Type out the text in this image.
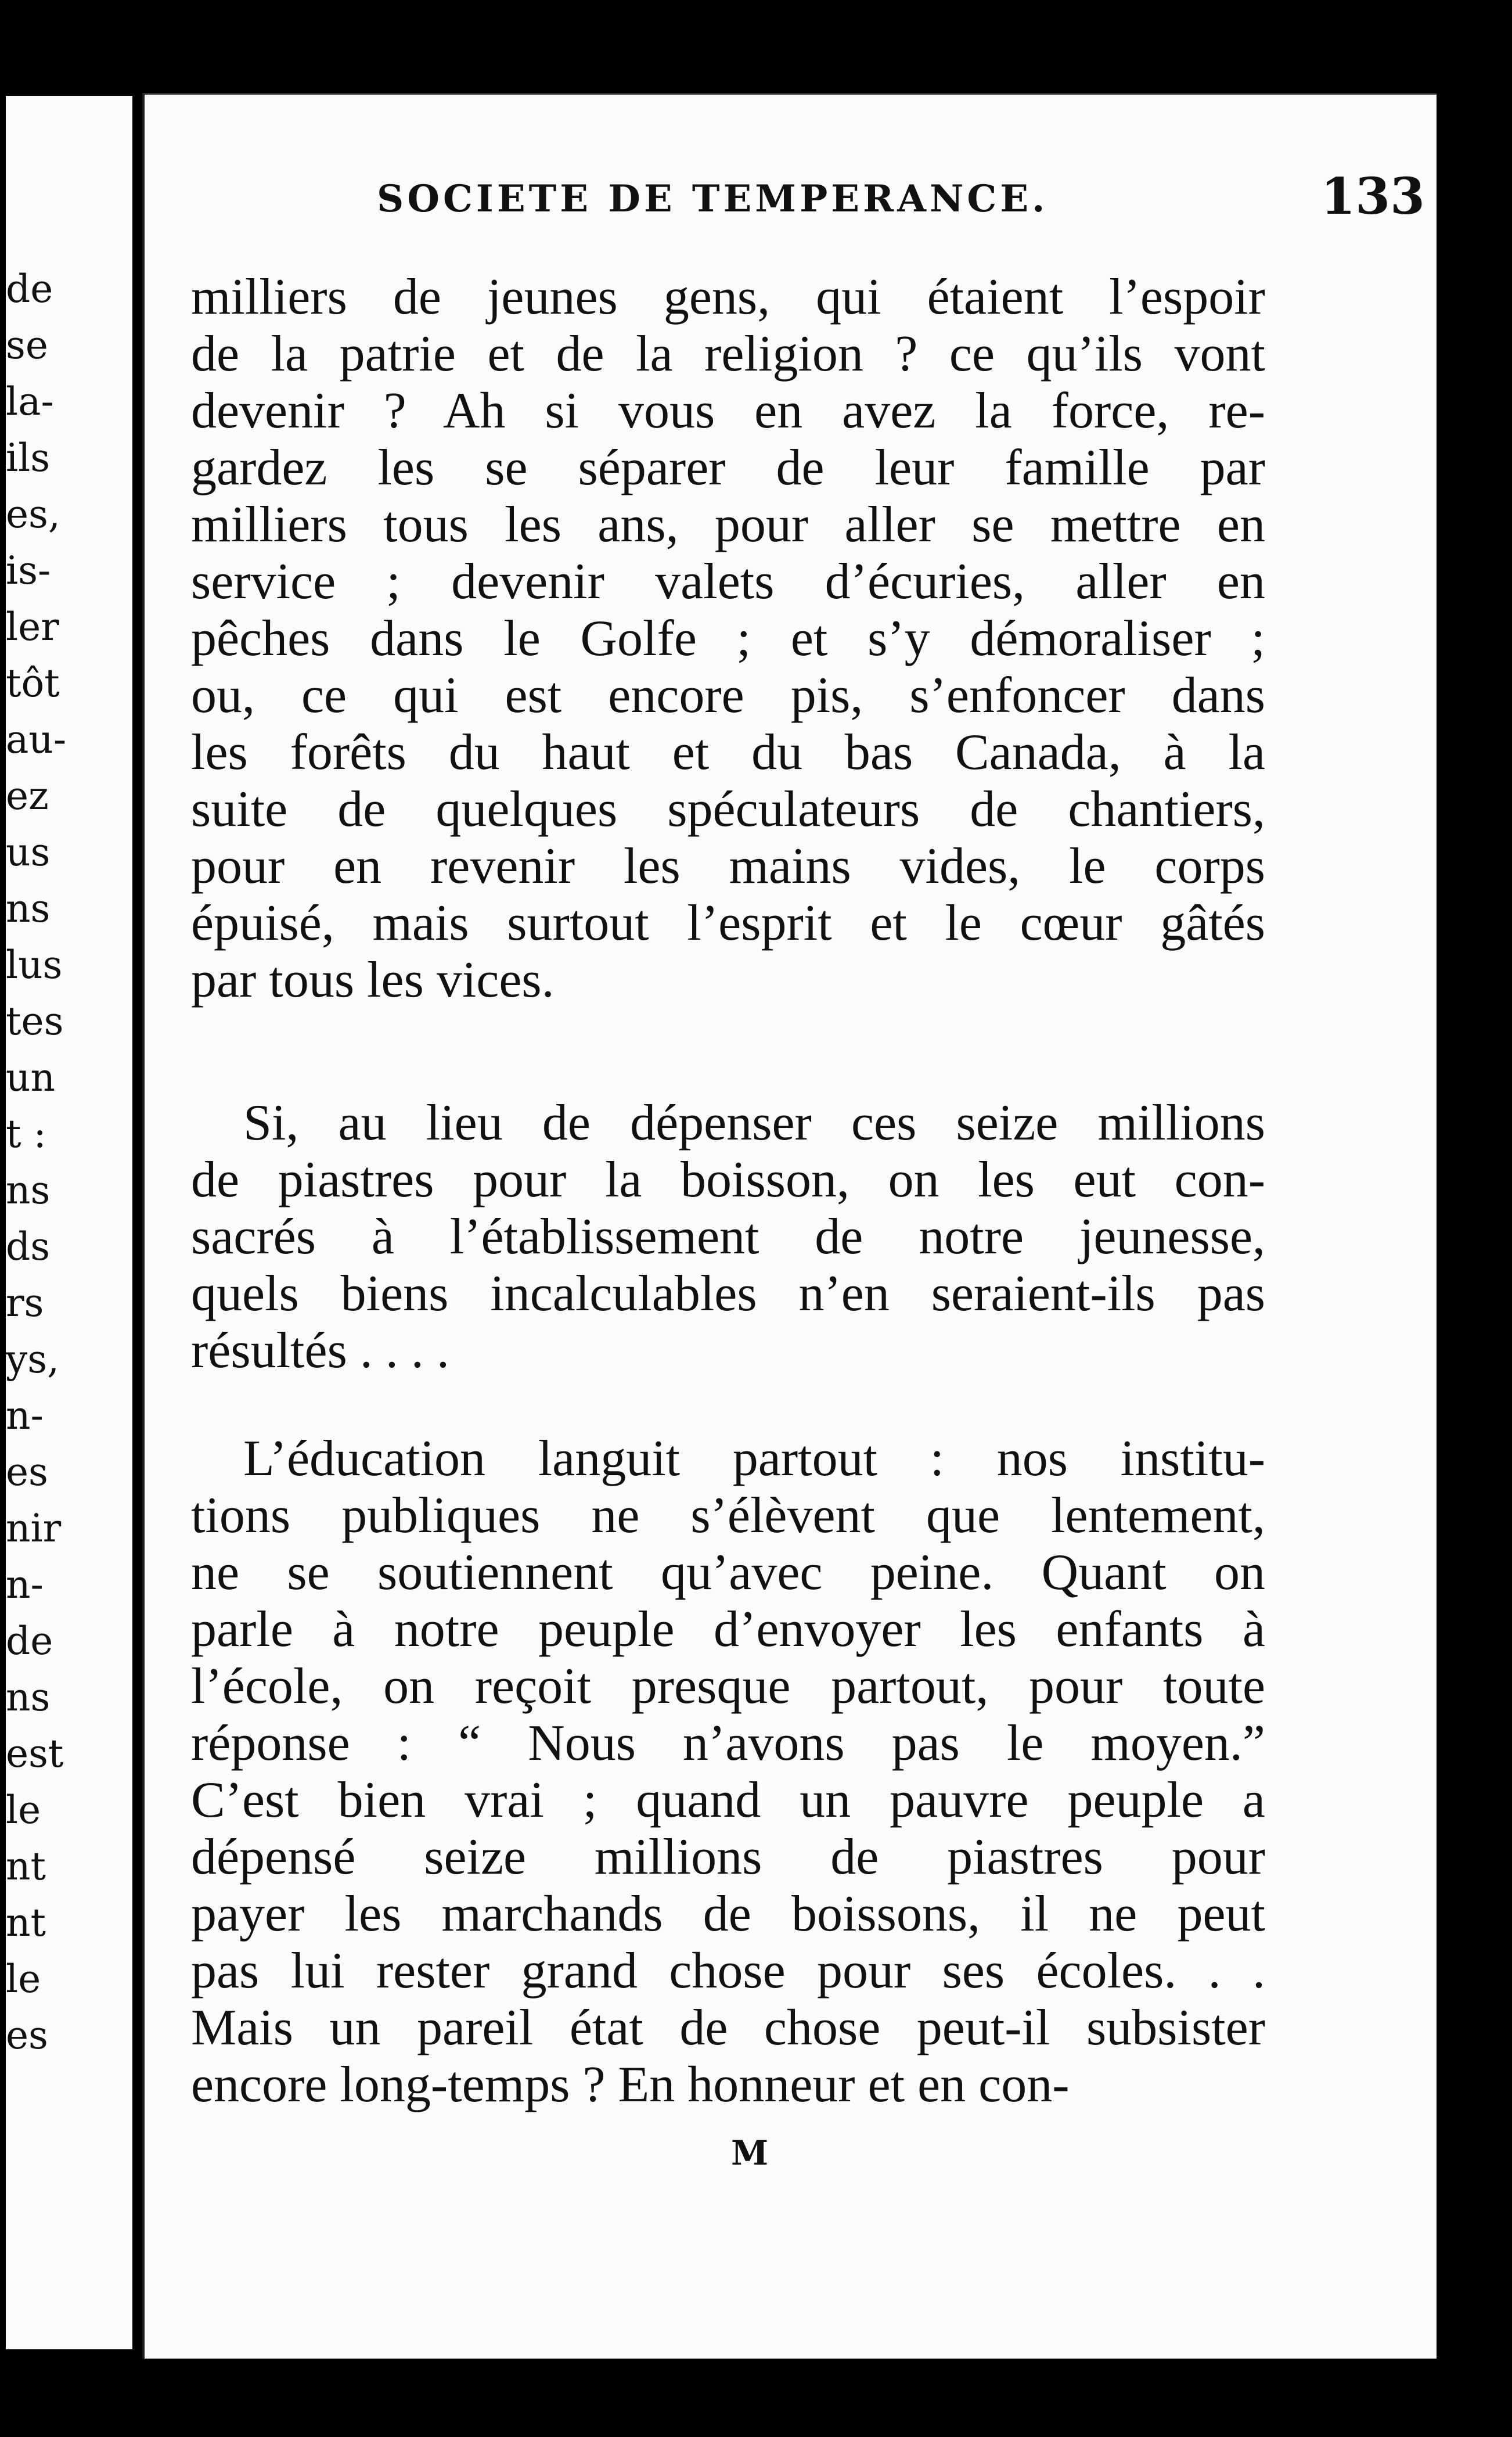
de
se
la-
ils
es,
is-
ler
tôt
au-
ez
us
ns
lus
tes
un
t :
ns
ds
rs
ys,
n-
es
nir
n-
de
ns
est
le
nt
nt
le
es
SOCIETE DE TEMPERANCE.	133
milliers de jeunes gens, qui étaient l’espoir
de la patrie et de la religion ? ce qu’ils vont
devenir ? Ah si vous en avez la force, re-
gardez les se séparer de leur famille par
milliers tous les ans, pour aller se mettre en
service ; devenir valets d’écuries, aller en
pêches dans le Golfe ; et s’y démoraliser ;
ou, ce qui est encore pis, s’enfoncer dans
les forêts du haut et du bas Canada, à la
suite de quelques spéculateurs de chantiers,
pour en revenir les mains vides, le corps
épuisé, mais surtout l’esprit et le cœur gâtés
par tous les vices.
Si, au lieu de dépenser ces seize millions
de piastres pour la boisson, on les eut con-
sacrés à l’établissement de notre jeunesse,
quels biens incalculables n’en seraient-ils pas
résultés . . . .
L’éducation languit partout : nos institu-
tions publiques ne s’élèvent que lentement,
ne se soutiennent qu’avec peine. Quant on
parle à notre peuple d’envoyer les enfants à
l’école, on reçoit presque partout, pour toute
réponse : “ Nous n’avons pas le moyen.”
C’est bien vrai ; quand un pauvre peuple a
dépensé seize millions de piastres pour
payer les marchands de boissons, il ne peut
pas lui rester grand chose pour ses écoles. . .
Mais un pareil état de chose peut-il subsister
encore long-temps ? En honneur et en con-
M
